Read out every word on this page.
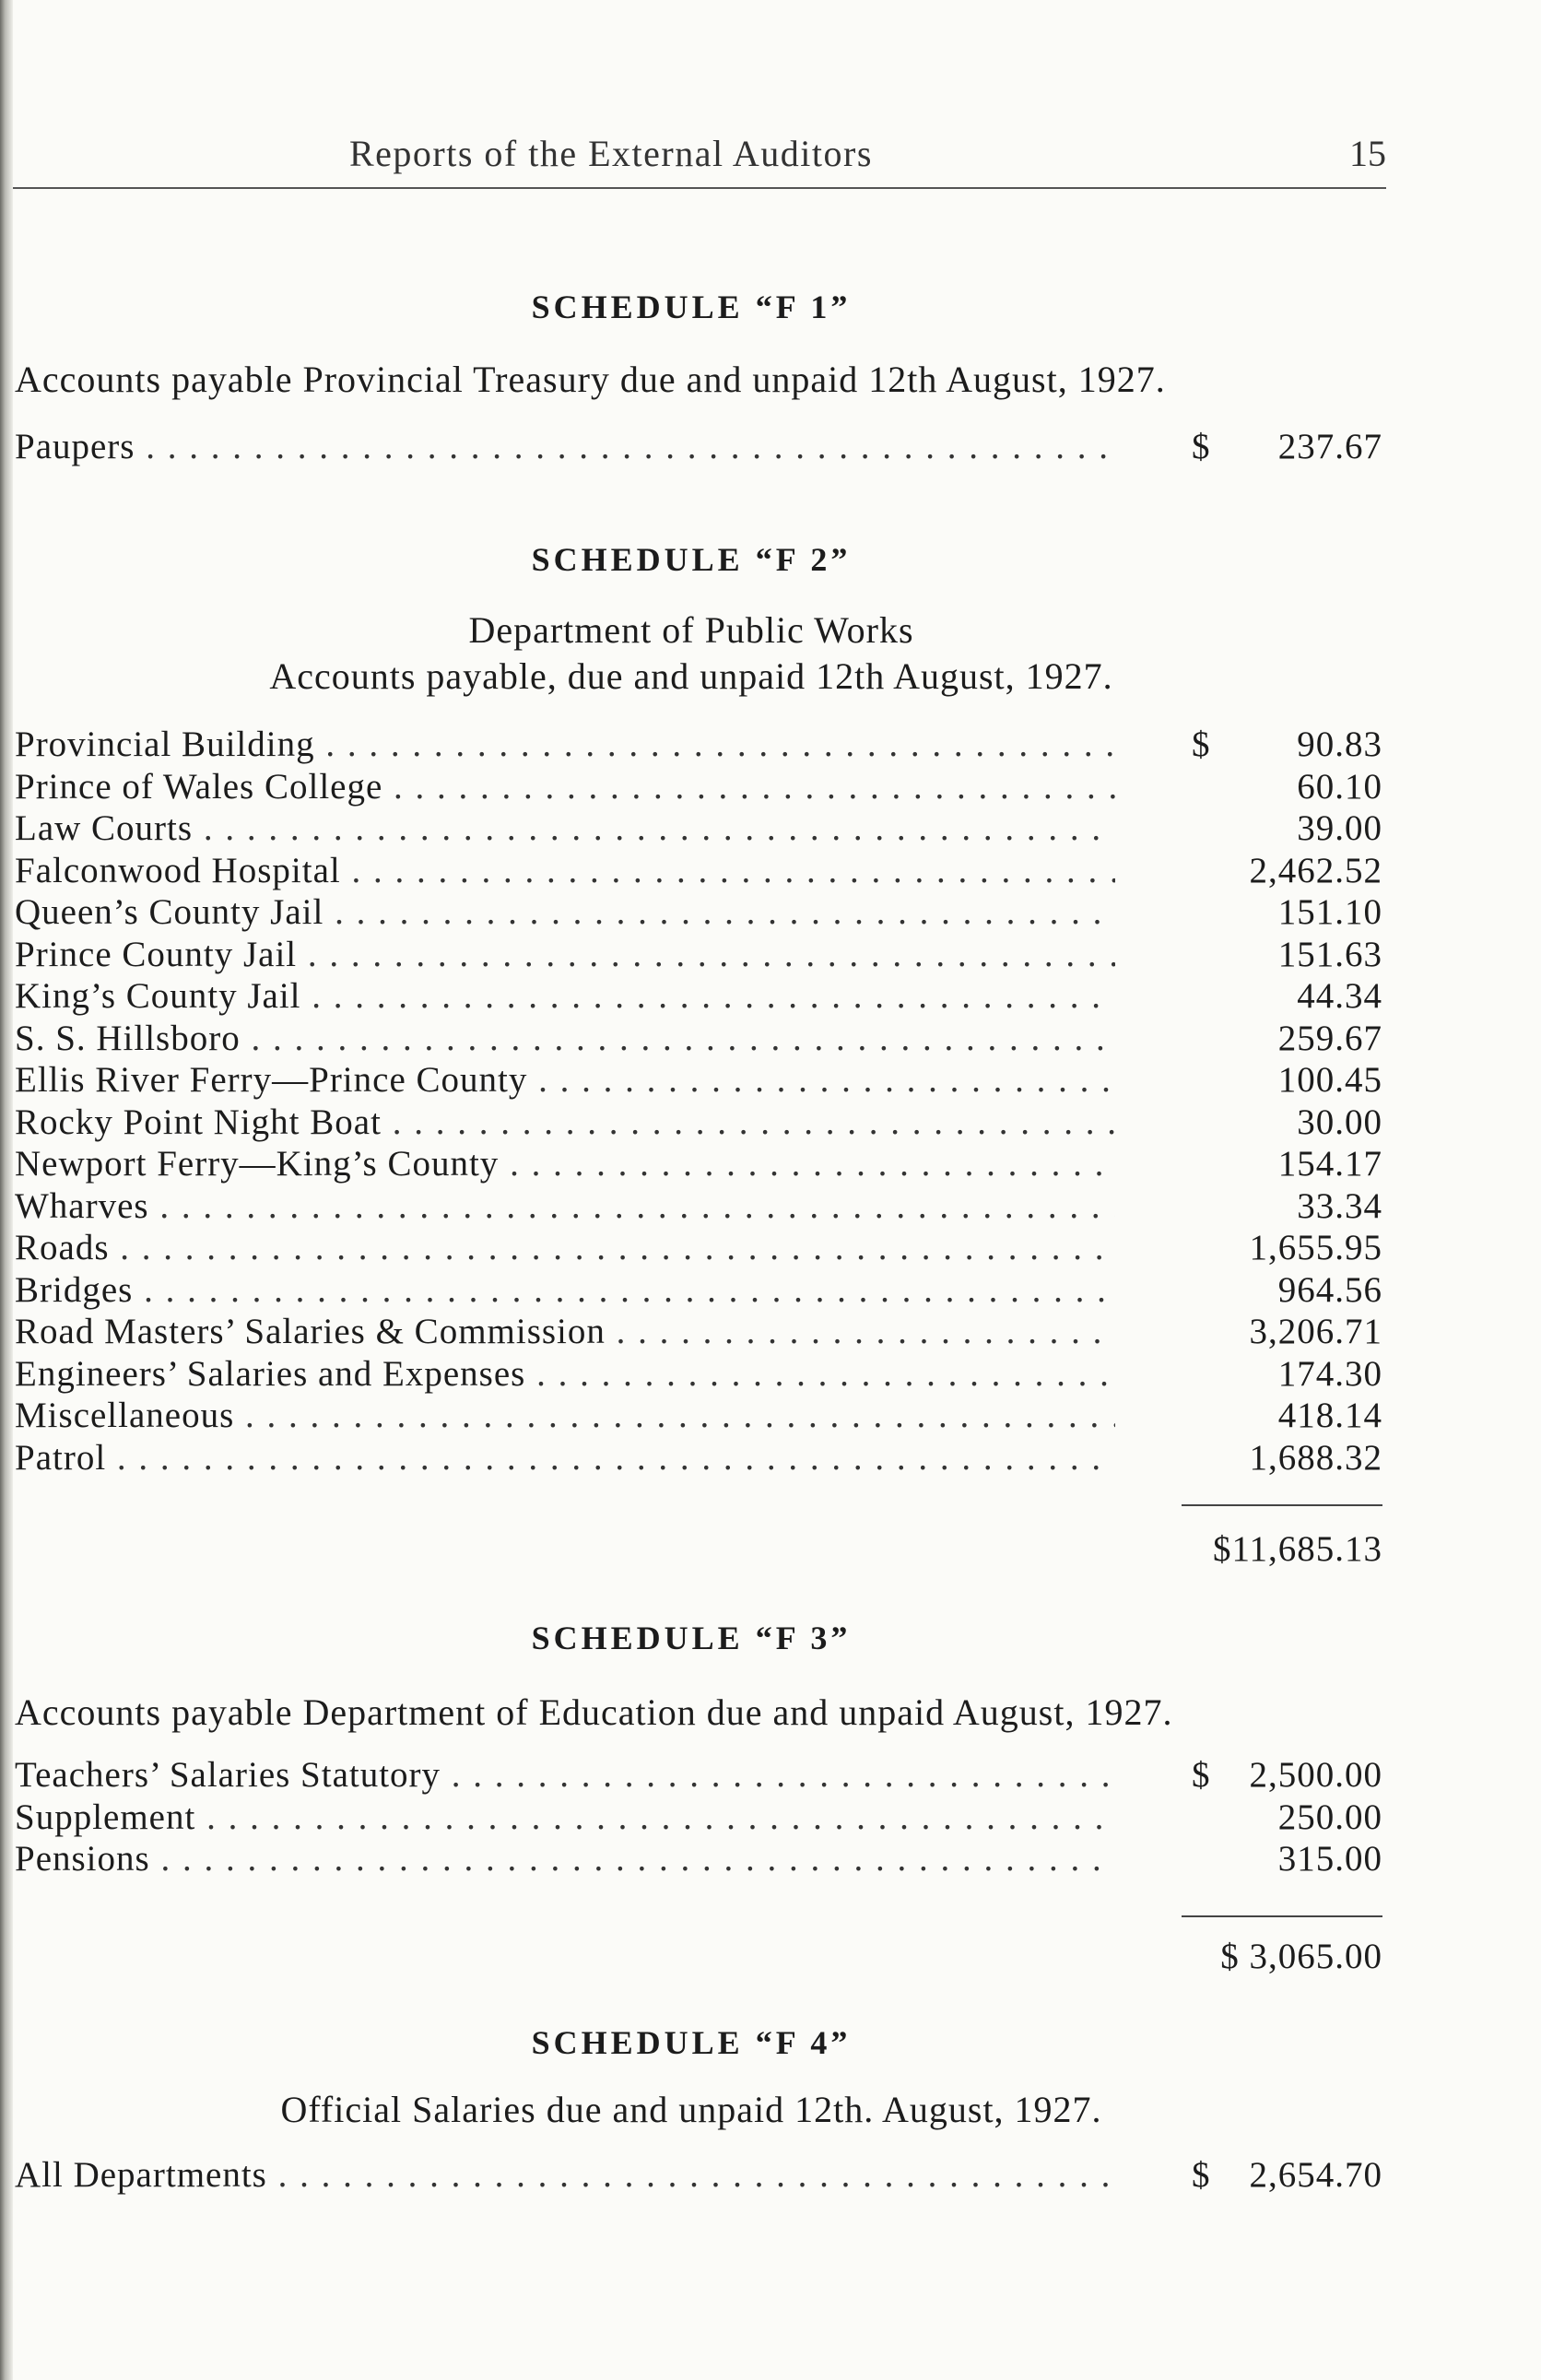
Reports of the External Auditors	15
SCHEDULE “F 1”
Accounts payable Provincial Treasury due and unpaid 12th August, 1927.
Paupers . . .	$ 237.67
SCHEDULE “F 2”
Department of Public Works
Accounts payable, due and unpaid 12th August, 1927.
Provincial Building . . .	$ 90.83
Prince of Wales College . . .	60.10
Law Courts . . .	39.00
Falconwood Hospital . . .	2,462.52
Queen’s County Jail . . .	151.10
Prince County Jail . . .	151.63
King’s County Jail . . .	44.34
S. S. Hillsboro . . .	259.67
Ellis River Ferry—Prince County . . .	100.45
Rocky Point Night Boat . . .	30.00
Newport Ferry—King’s County . . .	154.17
Wharves . . .	33.34
Roads . . .	1,655.95
Bridges . . .	964.56
Road Masters’ Salaries & Commission . . .	3,206.71
Engineers’ Salaries and Expenses . . .	174.30
Miscellaneous . . .	418.14
Patrol . . .	1,688.32
$11,685.13
SCHEDULE “F 3”
Accounts payable Department of Education due and unpaid August, 1927.
Teachers’ Salaries Statutory . . .	$ 2,500.00
Supplement . . .	250.00
Pensions . . .	315.00
$ 3,065.00
SCHEDULE “F 4”
Official Salaries due and unpaid 12th. August, 1927.
All Departments . . .	$ 2,654.70
